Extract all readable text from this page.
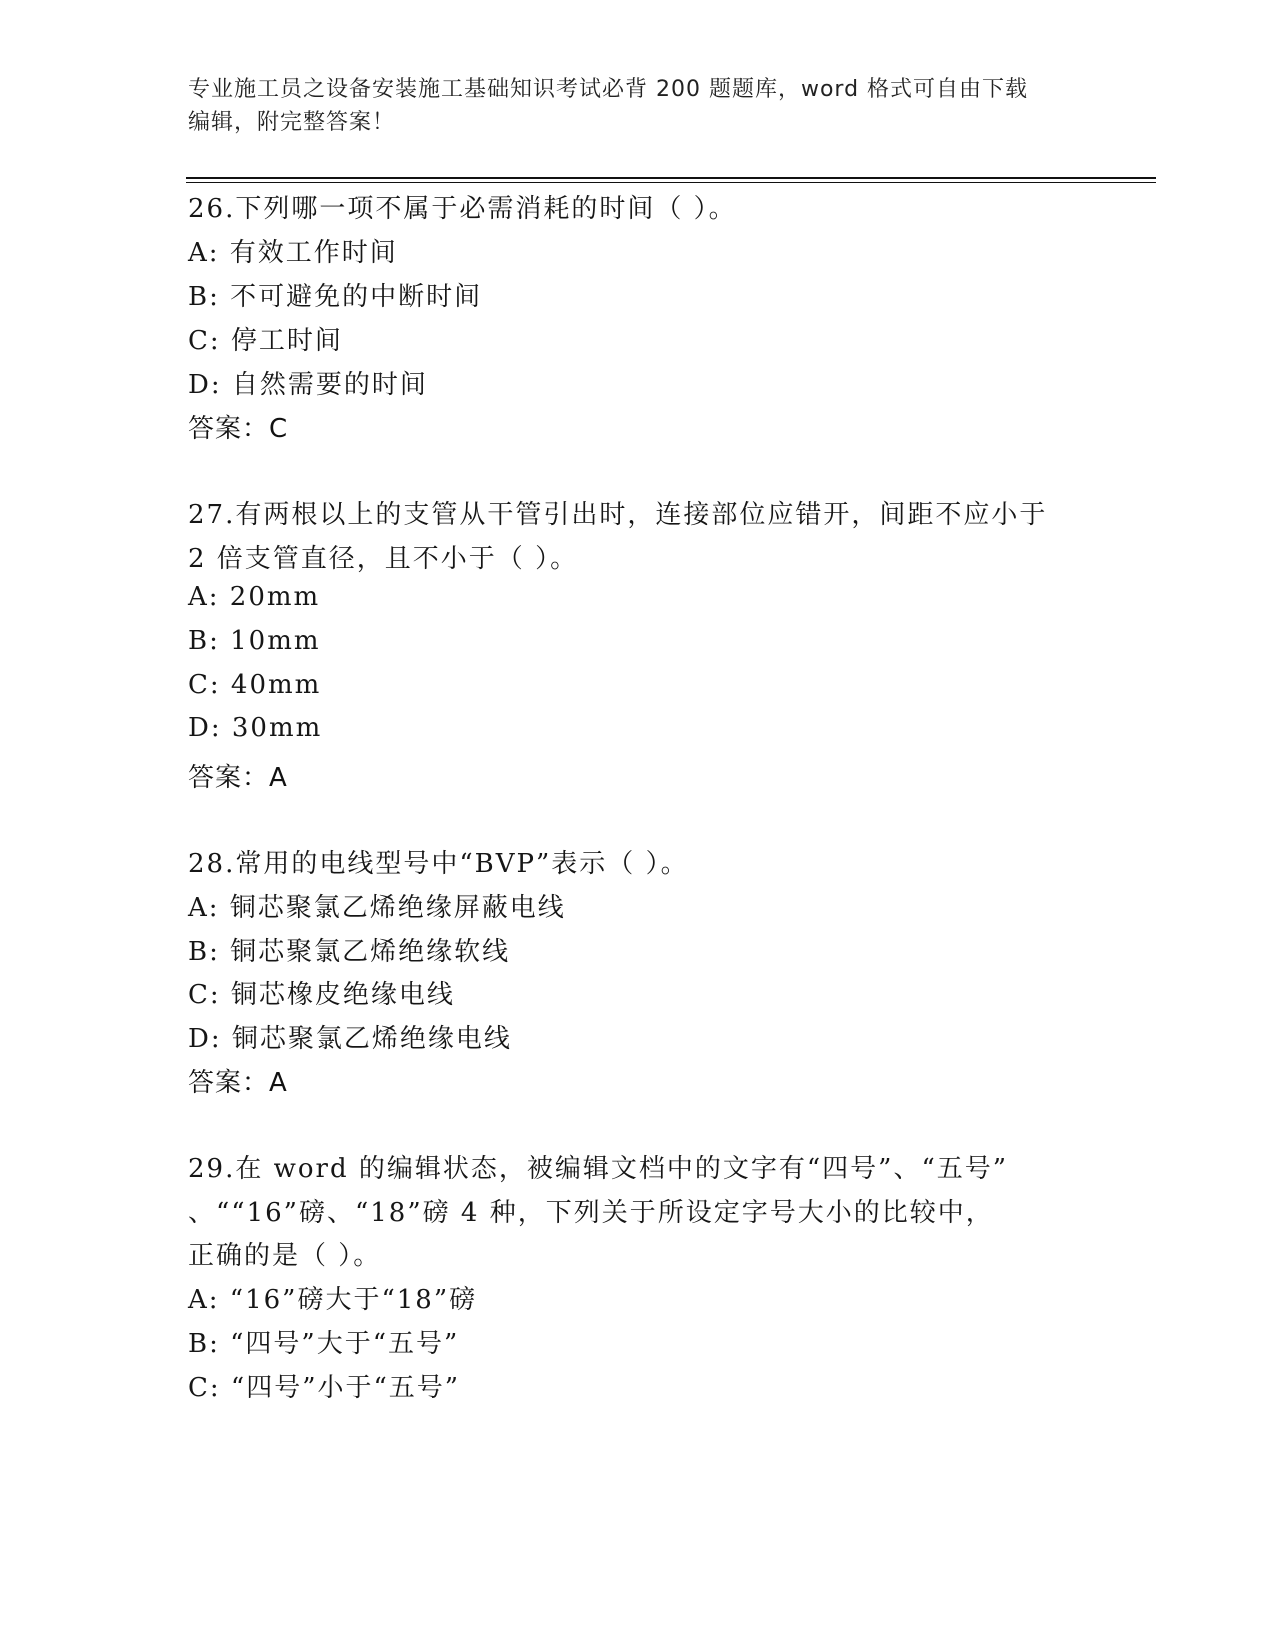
专业施工员之设备安装施工基础知识考试必背 200 题题库，word 格式可自由下载
编辑，附完整答案！
26.下列哪一项不属于必需消耗的时间（ ）。
A: 有效工作时间
B: 不可避免的中断时间
C: 停工时间
D: 自然需要的时间
答案：C
27.有两根以上的支管从干管引出时，连接部位应错开，间距不应小于
2 倍支管直径，且不小于（ ）。
A: 20mm
B: 10mm
C: 40mm
D: 30mm
答案：A
28.常用的电线型号中“BVP”表示（ ）。
A: 铜芯聚氯乙烯绝缘屏蔽电线
B: 铜芯聚氯乙烯绝缘软线
C: 铜芯橡皮绝缘电线
D: 铜芯聚氯乙烯绝缘电线
答案：A
29.在 word 的编辑状态，被编辑文档中的文字有“四号”、“五号”
、““16”磅、“18”磅 4 种，下列关于所设定字号大小的比较中，
正确的是（ ）。
A: “16”磅大于“18”磅
B: “四号”大于“五号”
C: “四号”小于“五号”
